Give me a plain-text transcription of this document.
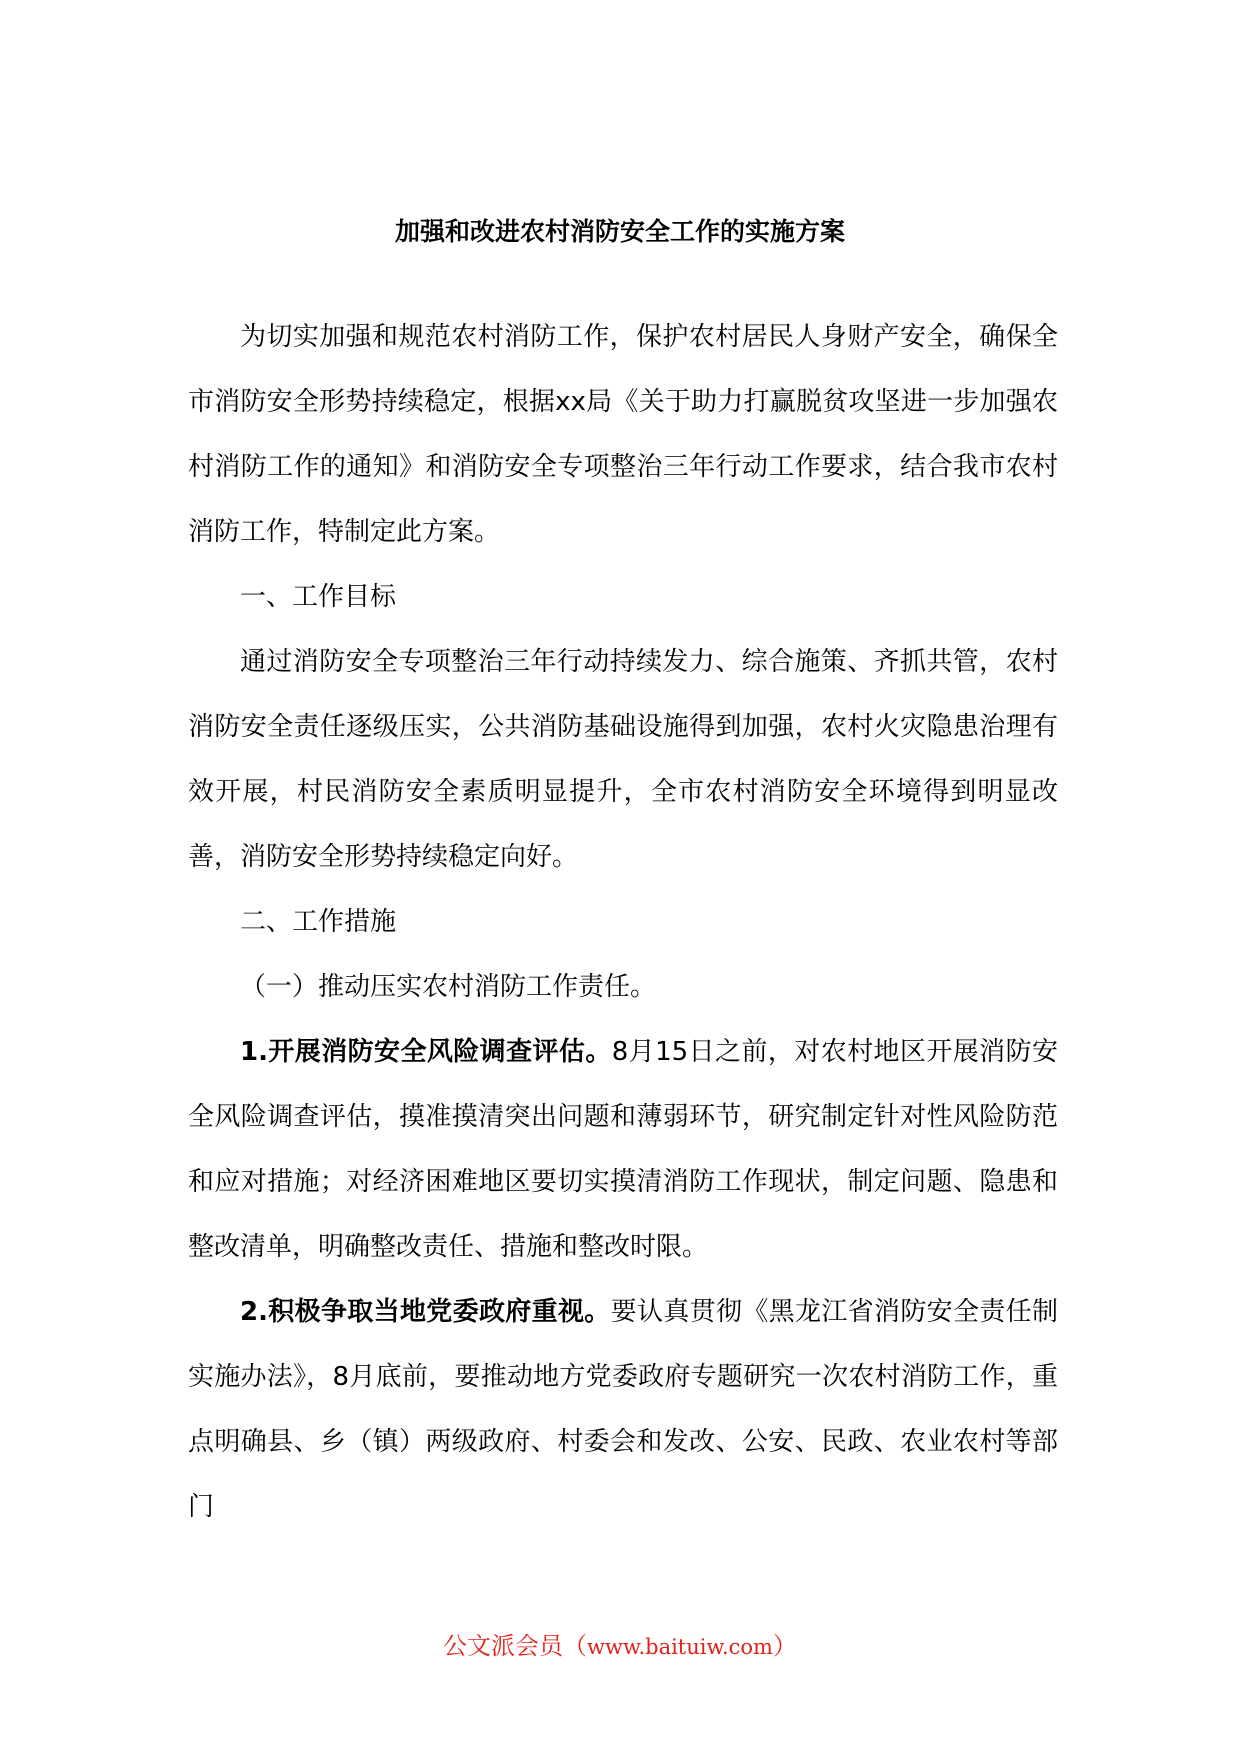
加强和改进农村消防安全工作的实施方案

为切实加强和规范农村消防工作，保护农村居民人身财产安全，确保全市消防安全形势持续稳定，根据xx局《关于助力打赢脱贫攻坚进一步加强农村消防工作的通知》和消防安全专项整治三年行动工作要求，结合我市农村消防工作，特制定此方案。

一、工作目标

通过消防安全专项整治三年行动持续发力、综合施策、齐抓共管，农村消防安全责任逐级压实，公共消防基础设施得到加强，农村火灾隐患治理有效开展，村民消防安全素质明显提升，全市农村消防安全环境得到明显改善，消防安全形势持续稳定向好。

二、工作措施

（一）推动压实农村消防工作责任。

1.开展消防安全风险调查评估。8月15日之前，对农村地区开展消防安全风险调查评估，摸准摸清突出问题和薄弱环节，研究制定针对性风险防范和应对措施；对经济困难地区要切实摸清消防工作现状，制定问题、隐患和整改清单，明确整改责任、措施和整改时限。

2.积极争取当地党委政府重视。要认真贯彻《黑龙江省消防安全责任制实施办法》，8月底前，要推动地方党委政府专题研究一次农村消防工作，重点明确县、乡（镇）两级政府、村委会和发改、公安、民政、农业农村等部门

公文派会员（www.baituiw.com）
